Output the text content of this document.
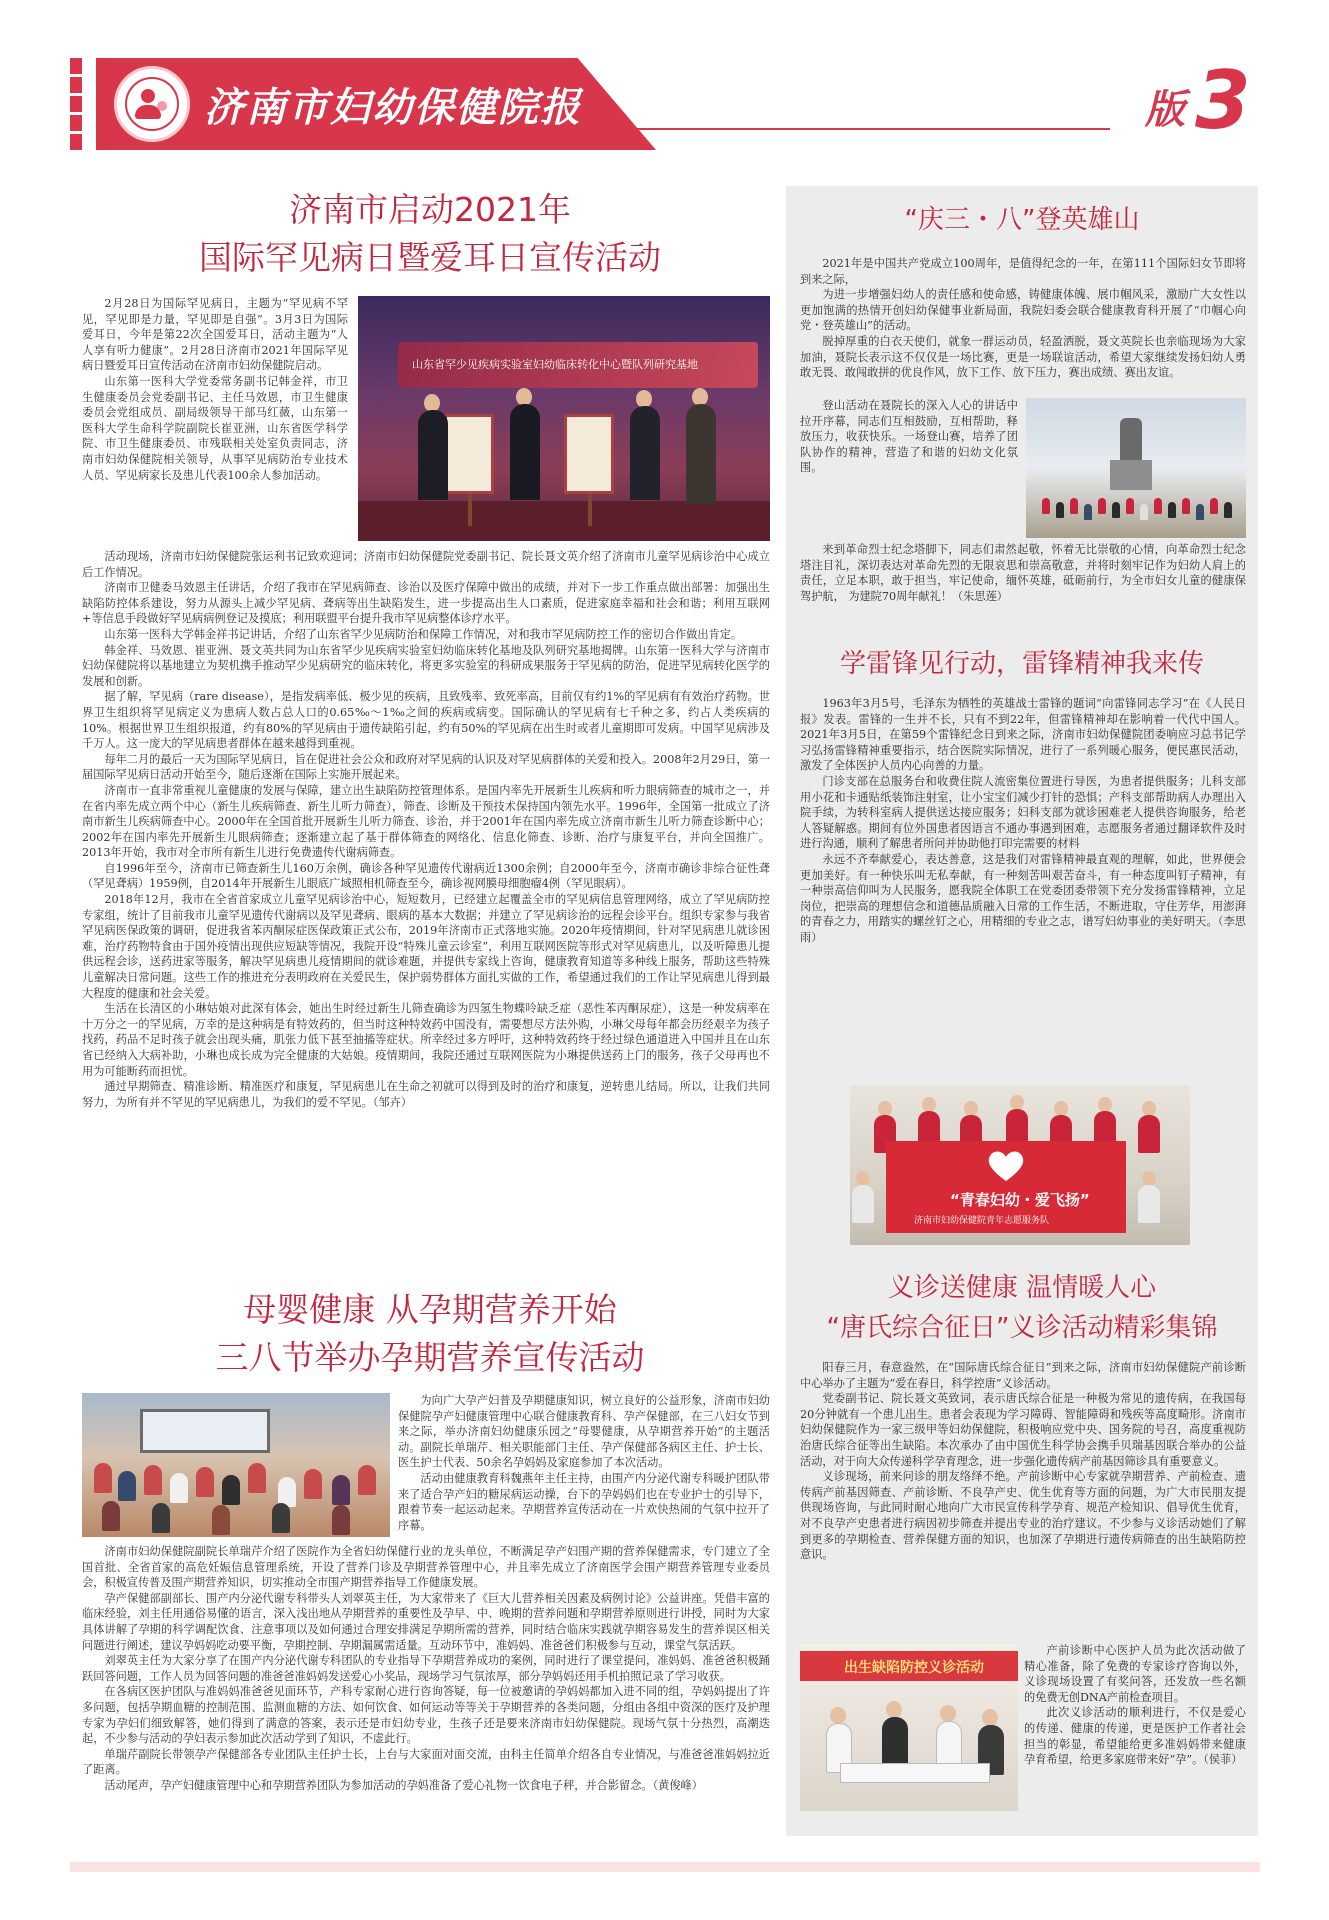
济南市妇幼保健院报	版 3
济南市启动2021年
国际罕见病日暨爱耳日宣传活动

2月28日为国际罕见病日，主题为“罕见病不罕见，罕见即是力量，罕见即是自强”。3月3日为国际爱耳日，今年是第22次全国爱耳日，活动主题为“人人享有听力健康”。2月28日济南市2021年国际罕见病日暨爱耳日宣传活动在济南市妇幼保健院启动。

山东第一医科大学党委常务副书记韩金祥，市卫生健康委员会党委副书记、主任马效恩，市卫生健康委员会党组成员、副局级领导干部马红薇，山东第一医科大学生命科学院副院长崔亚洲，山东省医学科学院、市卫生健康委员、市残联相关处室负责同志，济南市妇幼保健院相关领导，从事罕见病防治专业技术人员、罕见病家长及患儿代表100余人参加活动。

山东省罕少见疾病实验室妇幼临床转化中心暨队列研究基地

活动现场，济南市妇幼保健院张运利书记致欢迎词；济南市妇幼保健院党委副书记、院长聂文英介绍了济南市儿童罕见病诊治中心成立后工作情况。

济南市卫健委马效恩主任讲话，介绍了我市在罕见病筛查、诊治以及医疗保障中做出的成绩，并对下一步工作重点做出部署：加强出生缺陷防控体系建设，努力从源头上减少罕见病、聋病等出生缺陷发生，进一步提高出生人口素质，促进家庭幸福和社会和谐；利用互联网+等信息手段做好罕见病病例登记及摸底；利用联盟平台提升我市罕见病整体诊疗水平。

山东第一医科大学韩金祥书记讲话，介绍了山东省罕少见病防治和保障工作情况，对和我市罕见病防控工作的密切合作做出肯定。

韩金祥、马效恩、崔亚洲、聂文英共同为山东省罕少见疾病实验室妇幼临床转化基地及队列研究基地揭牌。山东第一医科大学与济南市妇幼保健院将以基地建立为契机携手推动罕少见病研究的临床转化，将更多实验室的科研成果服务于罕见病的防治，促进罕见病转化医学的发展和创新。

据了解，罕见病（rare disease），是指发病率低、极少见的疾病，且致残率、致死率高，目前仅有约1%的罕见病有有效治疗药物。世界卫生组织将罕见病定义为患病人数占总人口的0.65‰～1‰之间的疾病或病变。国际确认的罕见病有七千种之多，约占人类疾病的10%。根据世界卫生组织报道，约有80%的罕见病由于遗传缺陷引起，约有50%的罕见病在出生时或者儿童期即可发病。中国罕见病涉及千万人。这一庞大的罕见病患者群体在越来越得到重视。

每年二月的最后一天为国际罕见病日，旨在促进社会公众和政府对罕见病的认识及对罕见病群体的关爱和投入。2008年2月29日，第一届国际罕见病日活动开始至今，随后逐渐在国际上实施开展起来。

济南市一直非常重视儿童健康的发展与保障，建立出生缺陷防控管理体系。是国内率先开展新生儿疾病和听力眼病筛查的城市之一，并在省内率先成立两个中心（新生儿疾病筛查、新生儿听力筛查），筛查、诊断及干预技术保持国内领先水平。1996年，全国第一批成立了济南市新生儿疾病筛查中心。2000年在全国首批开展新生儿听力筛查、诊治，并于2001年在国内率先成立济南市新生儿听力筛查诊断中心；2002年在国内率先开展新生儿眼病筛查；逐渐建立起了基于群体筛查的网络化、信息化筛查、诊断、治疗与康复平台，并向全国推广。2013年开始，我市对全市所有新生儿进行免费遗传代谢病筛查。

自1996年至今，济南市已筛查新生儿160万余例，确诊各种罕见遗传代谢病近1300余例；自2000年至今，济南市确诊非综合征性聋（罕见聋病）1959例，自2014年开展新生儿眼底广域照相机筛查至今，确诊视网膜母细胞瘤4例（罕见眼病）。

2018年12月，我市在全省首家成立儿童罕见病诊治中心，短短数月，已经建立起覆盖全市的罕见病信息管理网络，成立了罕见病防控专家组，统计了目前我市儿童罕见遗传代谢病以及罕见聋病、眼病的基本大数据；并建立了罕见病诊治的远程会诊平台。组织专家参与我省罕见病医保政策的调研，促进我省苯丙酮尿症医保政策正式公布，2019年济南市正式落地实施。2020年疫情期间，针对罕见病患儿就诊困难，治疗药物特食由于国外疫情出现供应短缺等情况，我院开设“特殊儿童云诊室”，利用互联网医院等形式对罕见病患儿，以及听障患儿提供远程会诊，送药进家等服务，解决罕见病患儿疫情期间的就诊难题，并提供专家线上咨询，健康教育知道等多种线上服务，帮助这些特殊儿童解决日常问题。这些工作的推进充分表明政府在关爱民生，保护弱势群体方面扎实做的工作，希望通过我们的工作让罕见病患儿得到最大程度的健康和社会关爱。

生活在长清区的小琳姑娘对此深有体会，她出生时经过新生儿筛查确诊为四氢生物蝶呤缺乏症（恶性苯丙酮尿症），这是一种发病率在十万分之一的罕见病，万幸的是这种病是有特效药的，但当时这种特效药中国没有，需要想尽方法外购，小琳父母每年都会历经艰辛为孩子找药，药品不足时孩子就会出现头痛，肌张力低下甚至抽搐等症状。所幸经过多方呼吁，这种特效药终于经过绿色通道进入中国并且在山东省已经纳入大病补助，小琳也成长成为完全健康的大姑娘。疫情期间，我院还通过互联网医院为小琳提供送药上门的服务，孩子父母再也不用为可能断药而担忧。

通过早期筛查、精准诊断、精准医疗和康复，罕见病患儿在生命之初就可以得到及时的治疗和康复，逆转患儿结局。所以，让我们共同努力，为所有并不罕见的罕见病患儿，为我们的爱不罕见。（邹卉）

母婴健康 从孕期营养开始
三八节举办孕期营养宣传活动

为向广大孕产妇普及孕期健康知识，树立良好的公益形象，济南市妇幼保健院孕产妇健康管理中心联合健康教育科、孕产保健部，在三八妇女节到来之际，举办济南妇幼健康乐园之“母婴健康，从孕期营养开始”的主题活动。副院长单瑞芹、相关职能部门主任、孕产保健部各病区主任、护士长、医生护士代表、50余名孕妈妈及家庭参加了本次活动。

活动由健康教育科魏燕年主任主持，由围产内分泌代谢专科暖护团队带来了适合孕产妇的糖尿病运动操，台下的孕妈妈们也在专业护士的引导下，跟着节奏一起运动起来。孕期营养宣传活动在一片欢快热闹的气氛中拉开了序幕。

济南市妇幼保健院副院长单瑞芹介绍了医院作为全省妇幼保健行业的龙头单位，不断满足孕产妇围产期的营养保健需求，专门建立了全国首批、全省首家的高危妊娠信息管理系统，开设了营养门诊及孕期营养管理中心，并且率先成立了济南医学会围产期营养管理专业委员会，积极宣传普及围产期营养知识，切实推动全市围产期营养指导工作健康发展。

孕产保健部副部长、围产内分泌代谢专科带头人刘翠英主任，为大家带来了《巨大儿营养相关因素及病例讨论》公益讲座。凭借丰富的临床经验，刘主任用通俗易懂的语言，深入浅出地从孕期营养的重要性及孕早、中、晚期的营养问题和孕期营养原则进行讲授，同时为大家具体讲解了孕期的科学调配饮食、注意事项以及如何通过合理安排满足孕期所需的营养，同时结合临床实践就孕期容易发生的营养误区相关问题进行阐述，建议孕妈妈吃动要平衡，孕期控制、孕期漏属需适量。互动环节中，准妈妈、准爸爸们积极参与互动，课堂气氛活跃。

刘翠英主任为大家分享了在围产内分泌代谢专科团队的专业指导下孕期营养成功的案例，同时进行了课堂提问，准妈妈、准爸爸积极踊跃回答问题，工作人员为回答问题的准爸爸准妈妈发送爱心小奖品，现场学习气氛浓厚，部分孕妈妈还用手机拍照记录了学习收获。

在各病区医护团队与准妈妈准爸爸见面环节，产科专家耐心进行咨询答疑，每一位被邀请的孕妈妈都加入进不同的组，孕妈妈提出了许多问题，包括孕期血糖的控制范围、监测血糖的方法、如何饮食、如何运动等等关于孕期营养的各类问题，分组由各组中资深的医疗及护理专家为孕妇们细致解答，她们得到了满意的答案，表示还是市妇幼专业，生孩子还是要来济南市妇幼保健院。现场气氛十分热烈，高潮迭起，不少参与活动的孕妇表示参加此次活动学到了知识，不虚此行。

单瑞芹副院长带领孕产保健部各专业团队主任护士长，上台与大家面对面交流，由科主任简单介绍各自专业情况，与准爸爸准妈妈拉近了距离。

活动尾声，孕产妇健康管理中心和孕期营养团队为参加活动的孕妈准备了爱心礼物一饮食电子秤，并合影留念。（黄俊峰）

“庆三・八”登英雄山

2021年是中国共产党成立100周年，是值得纪念的一年，在第111个国际妇女节即将到来之际，

为进一步增强妇幼人的责任感和使命感，铸健康体魄、展巾帼风采，激励广大女性以更加饱满的热情开创妇幼保健事业新局面，我院妇委会联合健康教育科开展了“巾帼心向党・登英雄山”的活动。

脱掉厚重的白衣天使们，就象一群运动员，轻盈洒脱，聂文英院长也亲临现场为大家加油，聂院长表示这不仅仅是一场比赛，更是一场联谊活动，希望大家继续发扬妇幼人勇敢无畏、敢闯敢拼的优良作风，放下工作、放下压力，赛出成绩、赛出友谊。

登山活动在聂院长的深入人心的讲话中拉开序幕，同志们互相鼓励，互相帮助，释放压力，收获快乐。一场登山赛，培养了团队协作的精神，营造了和谐的妇幼文化氛围。

来到革命烈士纪念塔脚下，同志们肃然起敬，怀着无比崇敬的心情，向革命烈士纪念塔注目礼，深切表达对革命先烈的无限哀思和崇高敬意，并将时刻牢记作为妇幼人肩上的责任，立足本职，敢于担当，牢记使命，缅怀英雄，砥砺前行，为全市妇女儿童的健康保驾护航， 为建院70周年献礼！（朱思莲）

学雷锋见行动，雷锋精神我来传

1963年3月5号，毛泽东为牺牲的英雄战士雷锋的题词“向雷锋同志学习”在《人民日报》发表。雷锋的一生并不长，只有不到22年，但雷锋精神却在影响着一代代中国人。2021年3月5日，在第59个雷锋纪念日到来之际，济南市妇幼保健院团委响应习总书记学习弘扬雷锋精神重要指示，结合医院实际情况，进行了一系列暖心服务，便民惠民活动，激发了全体医护人员内心向善的力量。

门诊支部在总服务台和收费住院人流密集位置进行导医，为患者提供服务；儿科支部用小花和卡通贴纸装饰注射室，让小宝宝们减少打针的恐惧；产科支部帮助病人办理出入院手续，为转科室病人提供送达接应服务；妇科支部为就诊困难老人提供咨询服务，给老人答疑解惑。期间有位外国患者因语言不通办事遇到困难，志愿服务者通过翻译软件及时进行沟通，顺利了解患者所问并协助他打印完需要的材料

永远不齐奉献爱心，表达善意，这是我们对雷锋精神最直观的理解，如此，世界便会更加美好。有一种快乐叫无私奉献，有一种刻苦叫艰苦奋斗，有一种态度叫钉子精神，有一种崇高信仰叫为人民服务，愿我院全体职工在党委团委带领下充分发扬雷锋精神，立足岗位，把崇高的理想信念和道德品质融入日常的工作生活，不断进取，守住芳华，用澎湃的青春之力，用踏实的螺丝钉之心，用精细的专业之志，谱写妇幼事业的美好明天。（李思雨）

“青春妇幼・爱飞扬”
济南市妇幼保健院青年志愿服务队
义诊送健康 温情暖人心
“唐氏综合征日”义诊活动精彩集锦

阳春三月，春意盎然，在“国际唐氏综合征日”到来之际，济南市妇幼保健院产前诊断中心举办了主题为“爱在春日，科学控唐”义诊活动。

党委副书记、院长聂文英致词，表示唐氏综合征是一种极为常见的遗传病，在我国每20分钟就有一个患儿出生。患者会表现为学习障碍、智能障碍和残疾等高度畸形。济南市妇幼保健院作为一家三级甲等妇幼保健院，积极响应党中央、国务院的号召，高度重视防治唐氏综合征等出生缺陷。本次承办了由中国优生科学协会携手贝瑞基因联合举办的公益活动，对于向大众传递科学孕育理念，进一步强化遗传病产前基因筛诊具有重要意义。

义诊现场，前来问诊的朋友络绎不绝。产前诊断中心专家就孕期营养、产前检查、遗传病产前基因筛查、产前诊断、不良孕产史、优生优育等方面的问题，为广大市民朋友提供现场咨询，与此同时耐心地向广大市民宣传科学孕育、规范产检知识、倡导优生优育，对不良孕产史患者进行病因初步筛查并提出专业的治疗建议。不少参与义诊活动她们了解到更多的孕期检查、营养保健方面的知识，也加深了孕期进行遗传病筛查的出生缺陷防控意识。

出生缺陷防控义诊活动

产前诊断中心医护人员为此次活动做了精心准备，除了免费的专家诊疗咨询以外，义诊现场设置了有奖问答，还发放一些名额的免费无创DNA产前检查项目。

此次义诊活动的顺利进行，不仅是爱心的传递、健康的传递，更是医护工作者社会担当的彰显，希望能给更多准妈妈带来健康孕育希望，给更多家庭带来好“孕”。（侯菲）
